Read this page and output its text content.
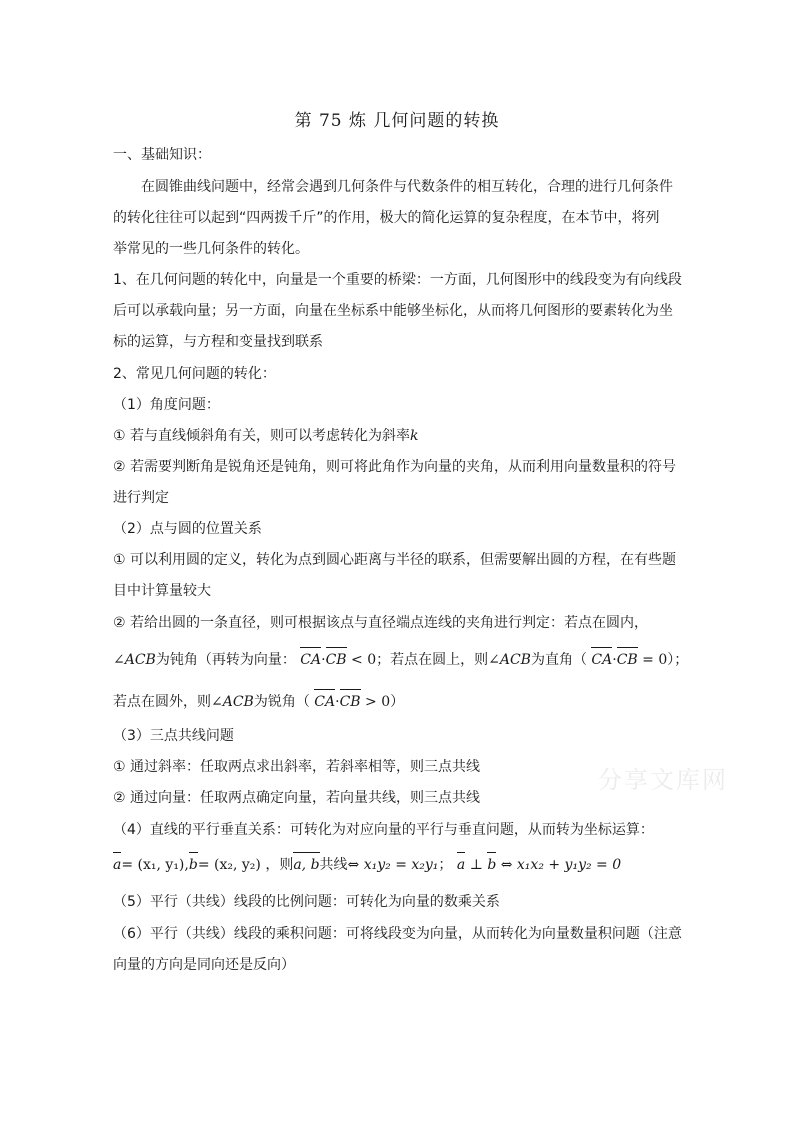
第 75 炼 几何问题的转换
一、基础知识：
在圆锥曲线问题中，经常会遇到几何条件与代数条件的相互转化，合理的进行几何条件
的转化往往可以起到“四两拨千斤”的作用，极大的简化运算的复杂程度，在本节中，将列
举常见的一些几何条件的转化。
1、在几何问题的转化中，向量是一个重要的桥梁：一方面，几何图形中的线段变为有向线段
后可以承载向量；另一方面，向量在坐标系中能够坐标化，从而将几何图形的要素转化为坐
标的运算，与方程和变量找到联系
2、常见几何问题的转化：
（1）角度问题：
① 若与直线倾斜角有关，则可以考虑转化为斜率k
② 若需要判断角是锐角还是钝角，则可将此角作为向量的夹角，从而利用向量数量积的符号
进行判定
（2）点与圆的位置关系
① 可以利用圆的定义，转化为点到圆心距离与半径的联系，但需要解出圆的方程，在有些题
目中计算量较大
② 若给出圆的一条直径，则可根据该点与直径端点连线的夹角进行判定：若点在圆内，
∠ACB为钝角（再转为向量： CA·CB < 0；若点在圆上，则∠ACB为直角（ CA·CB = 0）；
若点在圆外，则∠ACB为锐角（ CA·CB > 0）
（3）三点共线问题
① 通过斜率：任取两点求出斜率，若斜率相等，则三点共线
② 通过向量：任取两点确定向量，若向量共线，则三点共线
（4）直线的平行垂直关系：可转化为对应向量的平行与垂直问题，从而转为坐标运算：
a= (x₁, y₁),b= (x₂, y₂) ，则a, b共线⇔ x₁y₂ = x₂y₁； a ⊥ b ⇔ x₁x₂ + y₁y₂ = 0
（5）平行（共线）线段的比例问题：可转化为向量的数乘关系
（6）平行（共线）线段的乘积问题：可将线段变为向量，从而转化为向量数量积问题（注意
向量的方向是同向还是反向）
分享文库网
